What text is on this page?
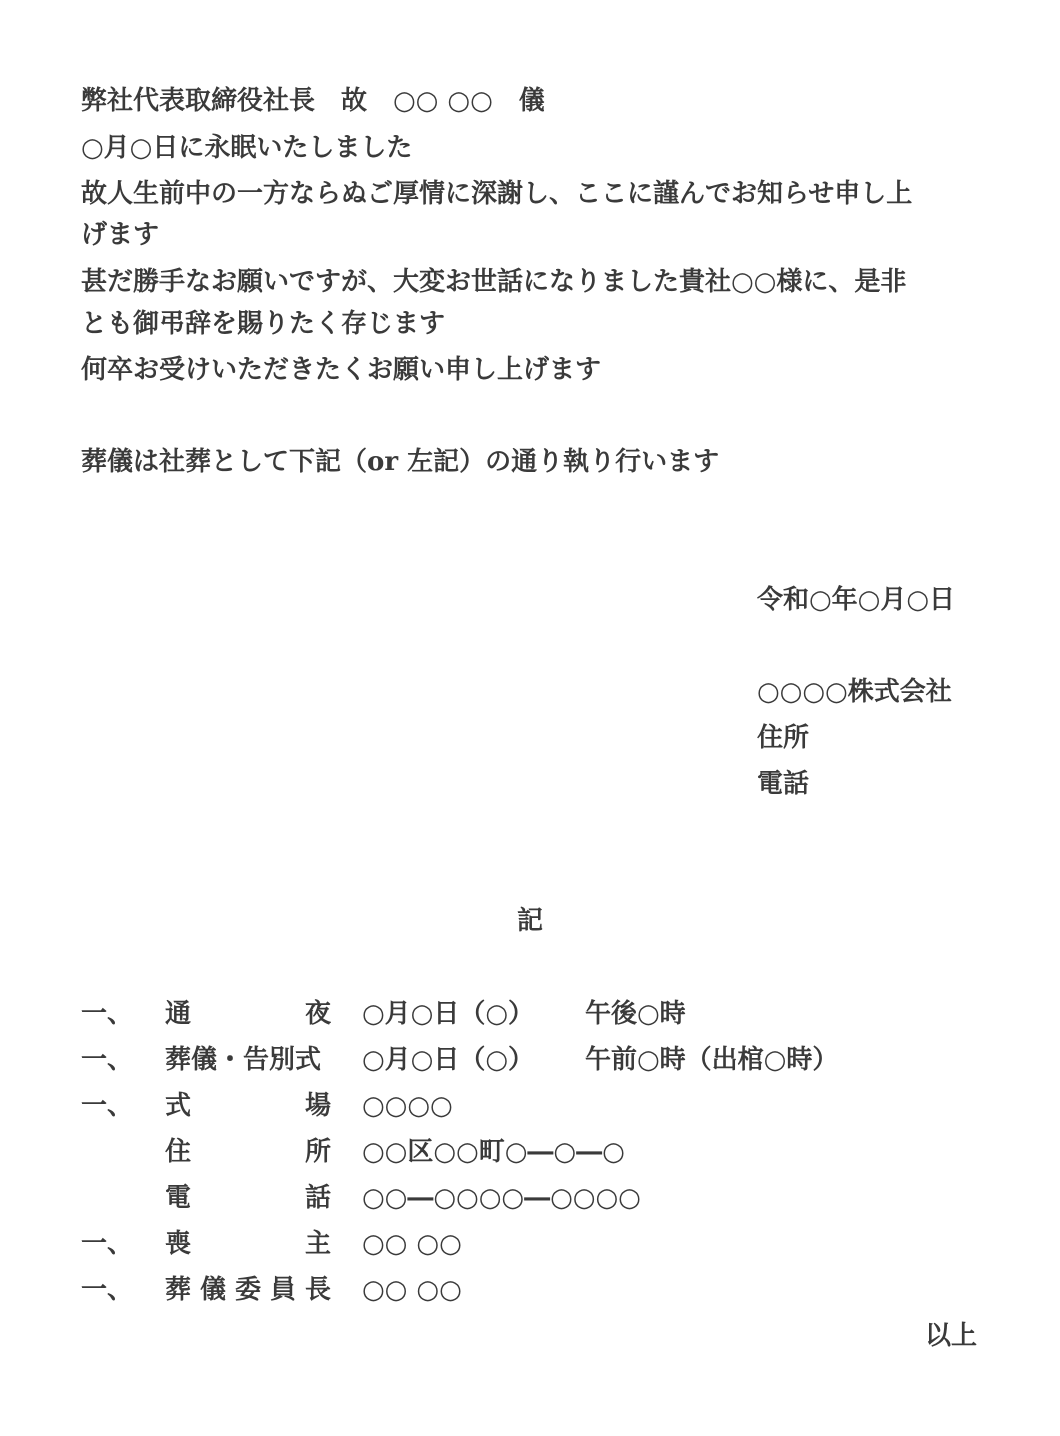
弊社代表取締役社長　故　○○ ○○　儀
○月○日に永眠いたしました
故人生前中の一方ならぬご厚情に深謝し、ここに謹んでお知らせ申し上
げます
甚だ勝手なお願いですが、大変お世話になりました貴社○○様に、是非
とも御弔辞を賜りたく存じます
何卒お受けいただきたくお願い申し上げます
葬儀は社葬として下記（or 左記）の通り執り行います
令和○年○月○日
○○○○株式会社
住所
電話
記
一、 通	夜 ○月○日（○） 午後○時
一、 葬儀・告別式	○月○日（○） 午前○時（出棺○時）
一、 式	場 ○○○○
住	所 ○○区○○町○―○―○
電	話 ○○―○○○○―○○○○
一、 喪	主 ○○ ○○
一、 葬 儀 委 員 長 ○○ ○○
以上
